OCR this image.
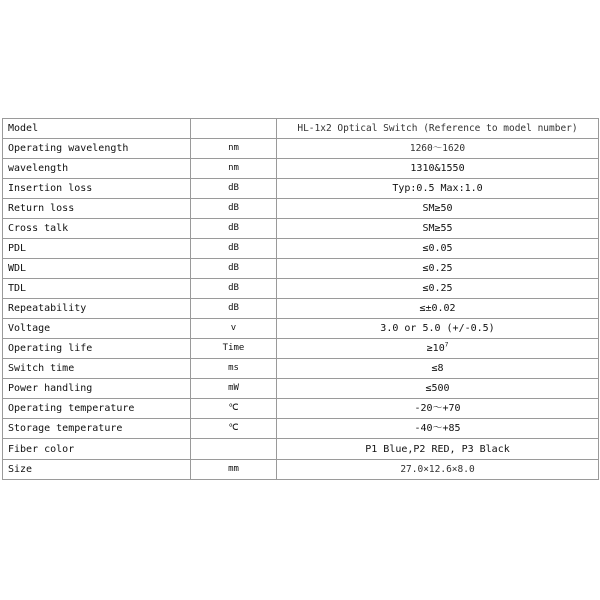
Model		HL-1x2 Optical Switch (Reference to model number)
Operating wavelength	nm	1260～1620
wavelength	nm	1310&1550
Insertion loss	dB	Typ:0.5 Max:1.0
Return loss	dB	SM≥50
Cross talk	dB	SM≥55
PDL	dB	≤0.05
WDL	dB	≤0.25
TDL	dB	≤0.25
Repeatability	dB	≤±0.02
Voltage	v	3.0 or 5.0 (+/-0.5)
Operating life	Time	$\ge 10^7$
Switch time	ms	≤8
Power handling	mW	≤500
Operating temperature	℃	-20～+70
Storage temperature	℃	-40～+85
Fiber color		P1 Blue,P2 RED, P3 Black
Size	mm	27.0×12.6×8.0
